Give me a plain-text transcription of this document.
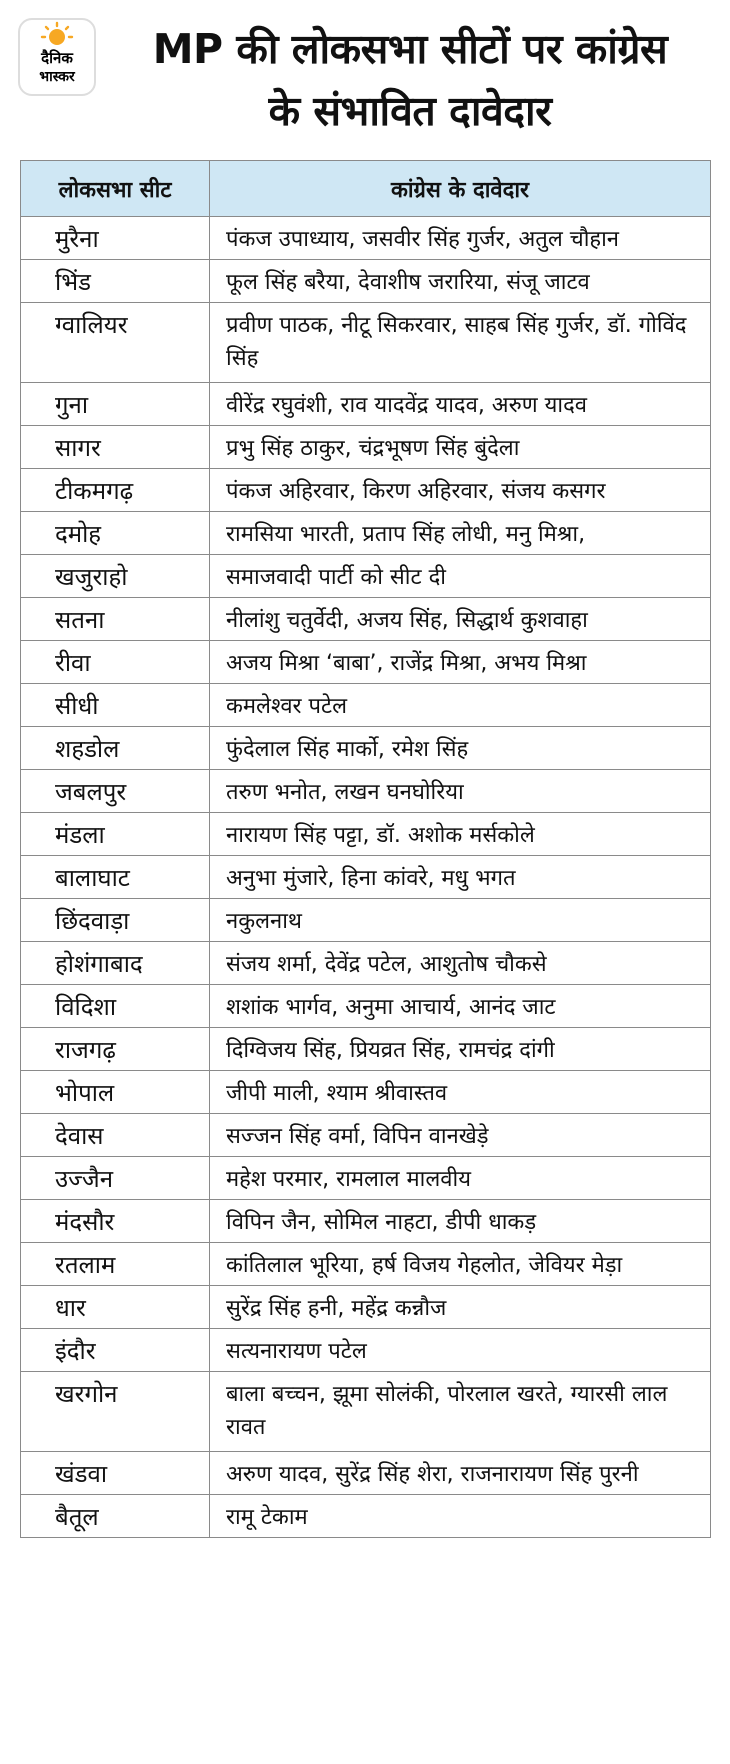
दैनिक
भास्कर
MP की लोकसभा सीटों पर कांग्रेस
के संभावित दावेदार
लोकसभा सीट	कांग्रेस के दावेदार
मुरैना	पंकज उपाध्याय, जसवीर सिंह गुर्जर, अतुल चौहान
भिंड	फूल सिंह बरैया, देवाशीष जरारिया, संजू जाटव
ग्वालियर	प्रवीण पाठक, नीटू सिकरवार, साहब सिंह गुर्जर, डॉ. गोविंद सिंह
गुना	वीरेंद्र रघुवंशी, राव यादवेंद्र यादव, अरुण यादव
सागर	प्रभु सिंह ठाकुर, चंद्रभूषण सिंह बुंदेला
टीकमगढ़	पंकज अहिरवार, किरण अहिरवार, संजय कसगर
दमोह	रामसिया भारती, प्रताप सिंह लोधी, मनु मिश्रा,
खजुराहो	समाजवादी पार्टी को सीट दी
सतना	नीलांशु चतुर्वेदी, अजय सिंह, सिद्धार्थ कुशवाहा
रीवा	अजय मिश्रा ‘बाबा’, राजेंद्र मिश्रा, अभय मिश्रा
सीधी	कमलेश्वर पटेल
शहडोल	फुंदेलाल सिंह मार्को, रमेश सिंह
जबलपुर	तरुण भनोत, लखन घनघोरिया
मंडला	नारायण सिंह पट्टा, डॉ. अशोक मर्सकोले
बालाघाट	अनुभा मुंजारे, हिना कांवरे, मधु भगत
छिंदवाड़ा	नकुलनाथ
होशंगाबाद	संजय शर्मा, देवेंद्र पटेल, आशुतोष चौकसे
विदिशा	शशांक भार्गव, अनुमा आचार्य, आनंद जाट
राजगढ़	दिग्विजय सिंह, प्रियव्रत सिंह, रामचंद्र दांगी
भोपाल	जीपी माली, श्याम श्रीवास्तव
देवास	सज्जन सिंह वर्मा, विपिन वानखेड़े
उज्जैन	महेश परमार, रामलाल मालवीय
मंदसौर	विपिन जैन, सोमिल नाहटा, डीपी धाकड़
रतलाम	कांतिलाल भूरिया, हर्ष विजय गेहलोत, जेवियर मेड़ा
धार	सुरेंद्र सिंह हनी, महेंद्र कन्नौज
इंदौर	सत्यनारायण पटेल
खरगोन	बाला बच्चन, झूमा सोलंकी, पोरलाल खरते, ग्यारसी लाल रावत
खंडवा	अरुण यादव, सुरेंद्र सिंह शेरा, राजनारायण सिंह पुरनी
बैतूल	रामू टेकाम
